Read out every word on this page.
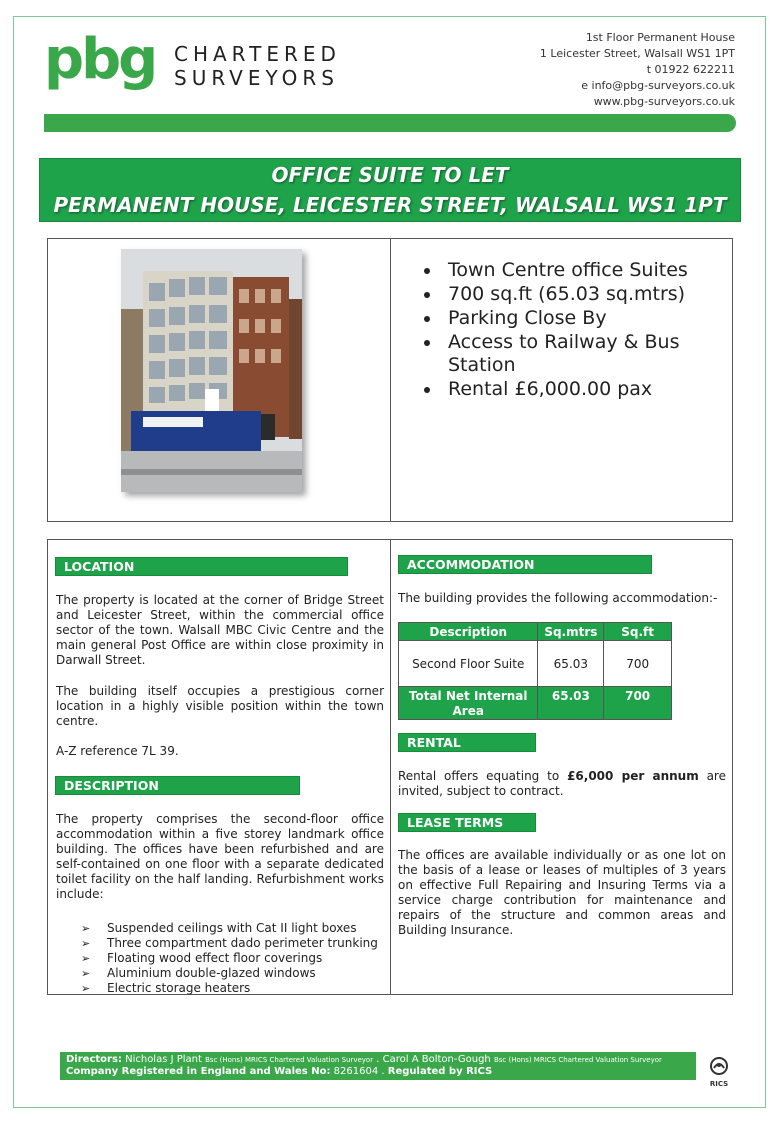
pbg CHARTERED
SURVEYORS
1st Floor Permanent House
1 Leicester Street, Walsall WS1 1PT
t 01922 622211
e info@pbg-surveyors.co.uk
www.pbg-surveyors.co.uk
OFFICE SUITE TO LET
PERMANENT HOUSE, LEICESTER STREET, WALSALL WS1 1PT
Town Centre office Suites
700 sq.ft (65.03 sq.mtrs)
Parking Close By
Access to Railway & Bus Station
Rental £6,000.00 pax
LOCATION

The property is located at the corner of Bridge Street and Leicester Street, within the commercial office sector of the town. Walsall MBC Civic Centre and the main general Post Office are within close proximity in Darwall Street.

The building itself occupies a prestigious corner location in a highly visible position within the town centre.

A-Z reference 7L 39.

DESCRIPTION

The property comprises the second-floor office accommodation within a five storey landmark office building. The offices have been refurbished and are self-contained on one floor with a separate dedicated toilet facility on the half landing. Refurbishment works include:

➢ Suspended ceilings with Cat II light boxes
➢ Three compartment dado perimeter trunking
➢ Floating wood effect floor coverings
➢ Aluminium double-glazed windows
➢ Electric storage heaters
ACCOMMODATION

The building provides the following accommodation:-

Description	Sq.mtrs	Sq.ft
Second Floor Suite	65.03	700
Total Net Internal Area	65.03	700
RENTAL

Rental offers equating to £6,000 per annum are invited, subject to contract.

LEASE TERMS

The offices are available individually or as one lot on the basis of a lease or leases of multiples of 3 years on effective Full Repairing and Insuring Terms via a service charge contribution for maintenance and repairs of the structure and common areas and Building Insurance.

Directors: Nicholas J Plant Bsc (Hons) MRICS Chartered Valuation Surveyor . Carol A Bolton-Gough Bsc (Hons) MRICS Chartered Valuation Surveyor
Company Registered in England and Wales No: 8261604 . Regulated by RICS
RICS
